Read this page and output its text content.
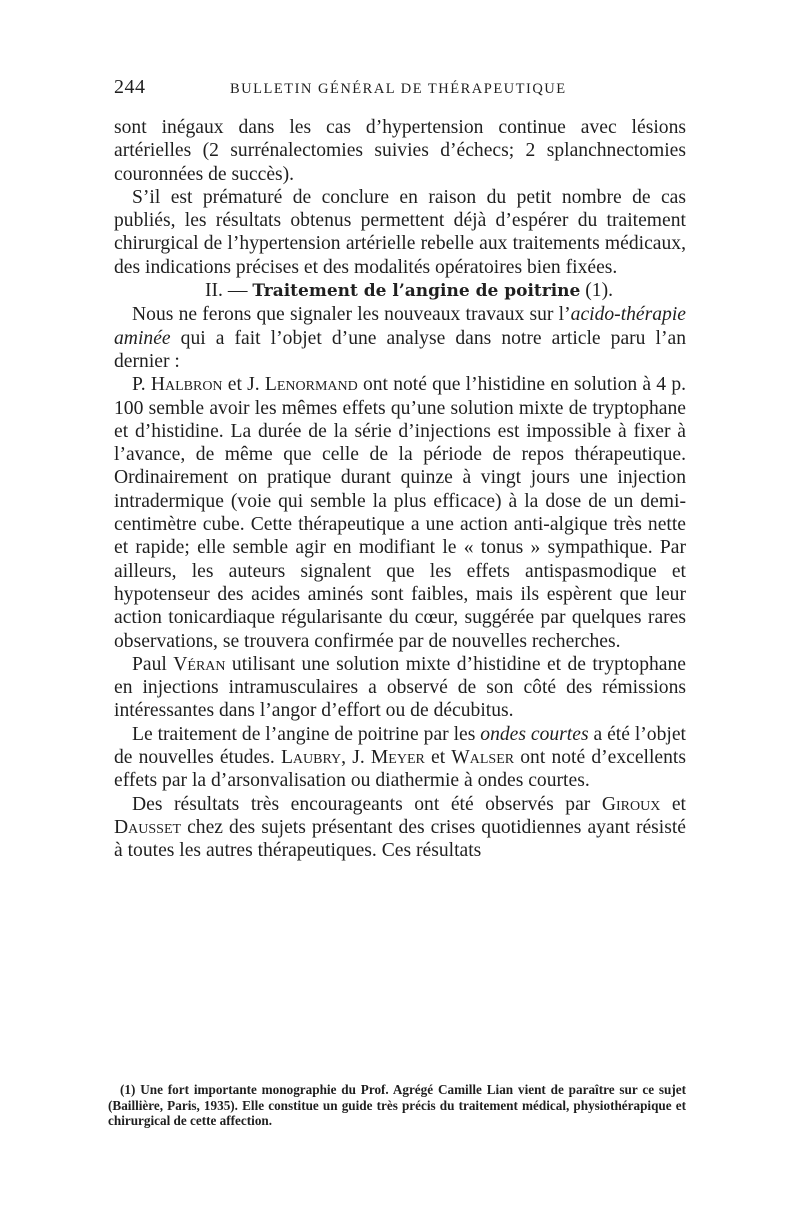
244	BULLETIN GÉNÉRAL DE THÉRAPEUTIQUE

sont inégaux dans les cas d’hypertension continue avec lésions artérielles (2 surrénalectomies suivies d’échecs; 2 splanchnectomies couronnées de succès).

S’il est prématuré de conclure en raison du petit nombre de cas publiés, les résultats obtenus permettent déjà d’espérer du traitement chirurgical de l’hypertension artérielle rebelle aux traitements médicaux, des indications précises et des modalités opératoires bien fixées.

II. — Traitement de l’angine de poitrine (1).

Nous ne ferons que signaler les nouveaux travaux sur l’acido-thérapie aminée qui a fait l’objet d’une analyse dans notre article paru l’an dernier :

P. Halbron et J. Lenormand ont noté que l’histidine en solution à 4 p. 100 semble avoir les mêmes effets qu’une solution mixte de tryptophane et d’histidine. La durée de la série d’injections est impossible à fixer à l’avance, de même que celle de la période de repos thérapeutique. Ordinairement on pratique durant quinze à vingt jours une injection intradermique (voie qui semble la plus efficace) à la dose de un demi-centimètre cube. Cette thérapeutique a une action anti-algique très nette et rapide; elle semble agir en modifiant le « tonus » sympathique. Par ailleurs, les auteurs signalent que les effets antispasmodique et hypotenseur des acides aminés sont faibles, mais ils espèrent que leur action tonicardiaque régularisante du cœur, suggérée par quelques rares observations, se trouvera confirmée par de nouvelles recherches.

Paul Véran utilisant une solution mixte d’histidine et de tryptophane en injections intramusculaires a observé de son côté des rémissions intéressantes dans l’angor d’effort ou de décubitus.

Le traitement de l’angine de poitrine par les ondes courtes a été l’objet de nouvelles études. Laubry, J. Meyer et Walser ont noté d’excellents effets par la d’arsonvalisation ou diathermie à ondes courtes.

Des résultats très encourageants ont été observés par Giroux et Dausset chez des sujets présentant des crises quotidiennes ayant résisté à toutes les autres thérapeutiques. Ces résultats

(1) Une fort importante monographie du Prof. Agrégé Camille Lian vient de paraître sur ce sujet (Baillière, Paris, 1935). Elle constitue un guide très précis du traitement médical, physiothérapique et chirurgical de cette affection.
